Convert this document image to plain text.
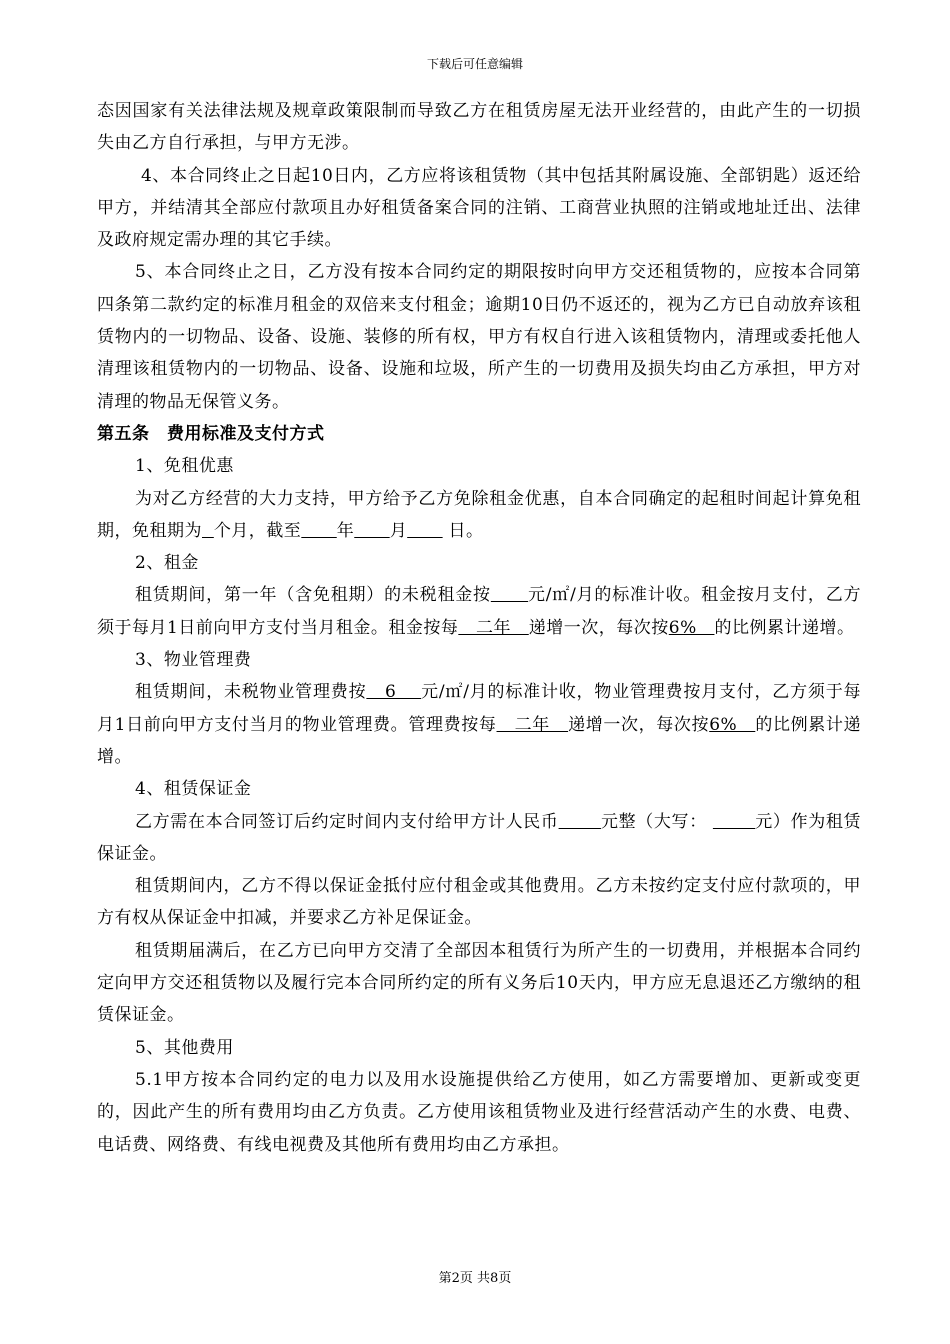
下载后可任意编辑

态因国家有关法律法规及规章政策限制而导致乙方在租赁房屋无法开业经营的，由此产生的一切损失由乙方自行承担，与甲方无涉。

4、本合同终止之日起10日内，乙方应将该租赁物（其中包括其附属设施、全部钥匙）返还给甲方，并结清其全部应付款项且办好租赁备案合同的注销、工商营业执照的注销或地址迁出、法律及政府规定需办理的其它手续。

5、本合同终止之日，乙方没有按本合同约定的期限按时向甲方交还租赁物的，应按本合同第四条第二款约定的标准月租金的双倍来支付租金；逾期10日仍不返还的，视为乙方已自动放弃该租赁物内的一切物品、设备、设施、装修的所有权，甲方有权自行进入该租赁物内，清理或委托他人清理该租赁物内的一切物品、设备、设施和垃圾，所产生的一切费用及损失均由乙方承担，甲方对清理的物品无保管义务。

第五条　费用标准及支付方式

1、免租优惠

为对乙方经营的大力支持，甲方给予乙方免除租金优惠，自本合同确定的起租时间起计算免租期，免租期为 个月，截至 年 月       日。

2、租金

租赁期间，第一年（含免租期）的未税租金按 元/㎡/月的标准计收。租金按月支付，乙方须于每月1日前向甲方支付当月租金。租金按每   二年   递增一次，每次按6%   的比例累计递增。

3、物业管理费

租赁期间，未税物业管理费按   6    元/㎡/月的标准计收，物业管理费按月支付，乙方须于每月1日前向甲方支付当月的物业管理费。管理费按每   二年   递增一次，每次按6%   的比例累计递增。

4、租赁保证金

乙方需在本合同签订后约定时间内支付给甲方计人民币 元整（大写：        元）作为租赁保证金。

租赁期间内，乙方不得以保证金抵付应付租金或其他费用。乙方未按约定支付应付款项的，甲方有权从保证金中扣减，并要求乙方补足保证金。

租赁期届满后，在乙方已向甲方交清了全部因本租赁行为所产生的一切费用，并根据本合同约定向甲方交还租赁物以及履行完本合同所约定的所有义务后10天内，甲方应无息退还乙方缴纳的租赁保证金。

5、其他费用

5.1甲方按本合同约定的电力以及用水设施提供给乙方使用，如乙方需要增加、更新或变更的，因此产生的所有费用均由乙方负责。乙方使用该租赁物业及进行经营活动产生的水费、电费、电话费、网络费、有线电视费及其他所有费用均由乙方承担。

第2页 共8页
